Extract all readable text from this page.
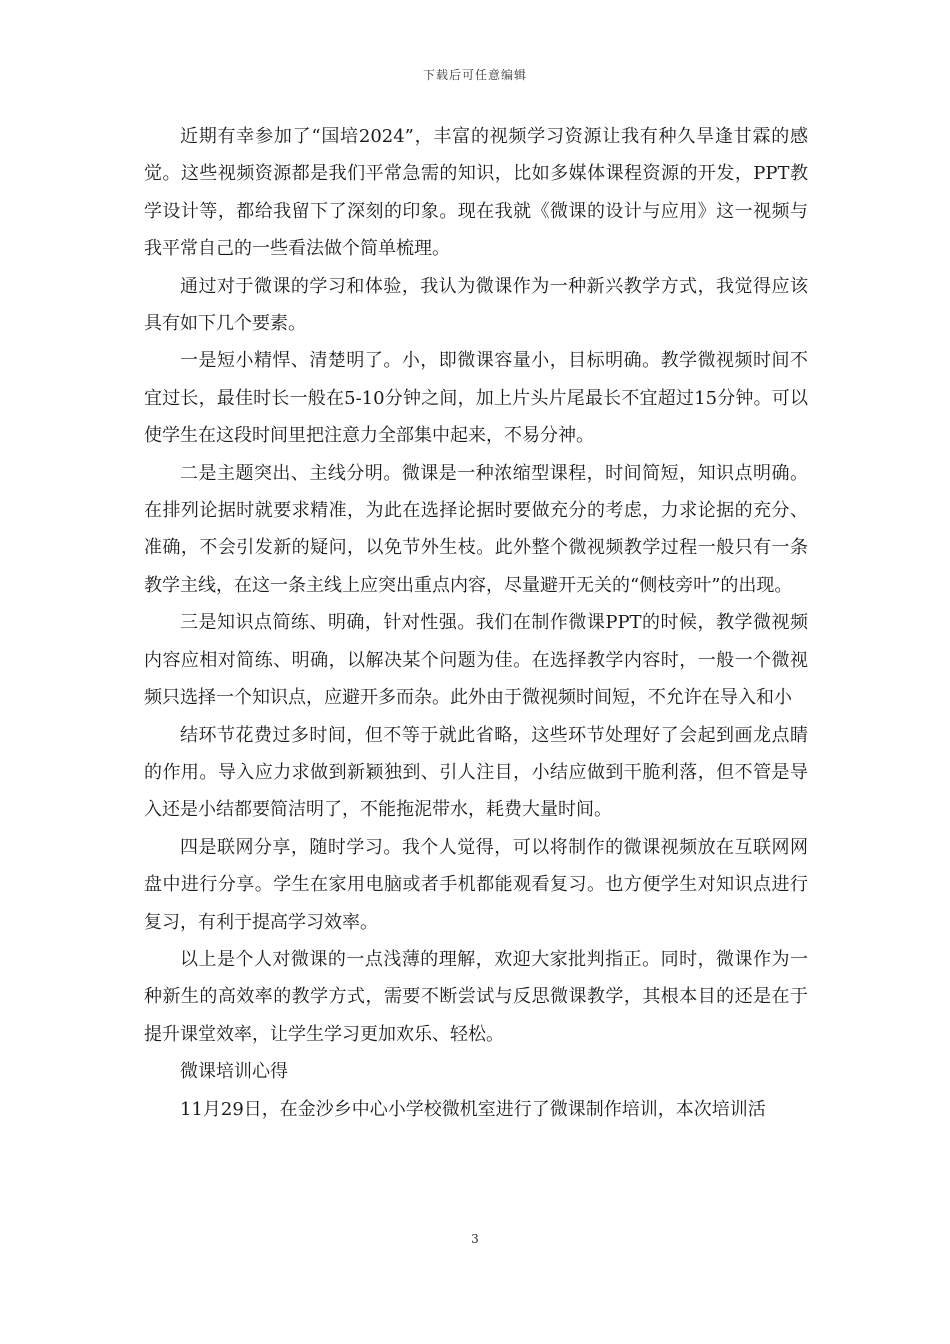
下载后可任意编辑

近期有幸参加了“国培2024”，丰富的视频学习资源让我有种久旱逢甘霖的感觉。这些视频资源都是我们平常急需的知识，比如多媒体课程资源的开发，PPT教学设计等，都给我留下了深刻的印象。现在我就《微课的设计与应用》这一视频与我平常自己的一些看法做个简单梳理。

通过对于微课的学习和体验，我认为微课作为一种新兴教学方式，我觉得应该具有如下几个要素。

一是短小精悍、清楚明了。小，即微课容量小，目标明确。教学微视频时间不宜过长，最佳时长一般在5-10分钟之间，加上片头片尾最长不宜超过15分钟。可以使学生在这段时间里把注意力全部集中起来，不易分神。

二是主题突出、主线分明。微课是一种浓缩型课程，时间简短，知识点明确。在排列论据时就要求精准，为此在选择论据时要做充分的考虑，力求论据的充分、准确，不会引发新的疑问，以免节外生枝。此外整个微视频教学过程一般只有一条教学主线，在这一条主线上应突出重点内容，尽量避开无关的“侧枝旁叶”的出现。

三是知识点简练、明确，针对性强。我们在制作微课PPT的时候，教学微视频内容应相对简练、明确，以解决某个问题为佳。在选择教学内容时，一般一个微视频只选择一个知识点，应避开多而杂。此外由于微视频时间短，不允许在导入和小

结环节花费过多时间，但不等于就此省略，这些环节处理好了会起到画龙点睛的作用。导入应力求做到新颖独到、引人注目，小结应做到干脆利落，但不管是导入还是小结都要简洁明了，不能拖泥带水，耗费大量时间。

四是联网分享，随时学习。我个人觉得，可以将制作的微课视频放在互联网网盘中进行分享。学生在家用电脑或者手机都能观看复习。也方便学生对知识点进行复习，有利于提高学习效率。

以上是个人对微课的一点浅薄的理解，欢迎大家批判指正。同时，微课作为一种新生的高效率的教学方式，需要不断尝试与反思微课教学，其根本目的还是在于提升课堂效率，让学生学习更加欢乐、轻松。

微课培训心得

11月29日，在金沙乡中心小学校微机室进行了微课制作培训，本次培训活

3
